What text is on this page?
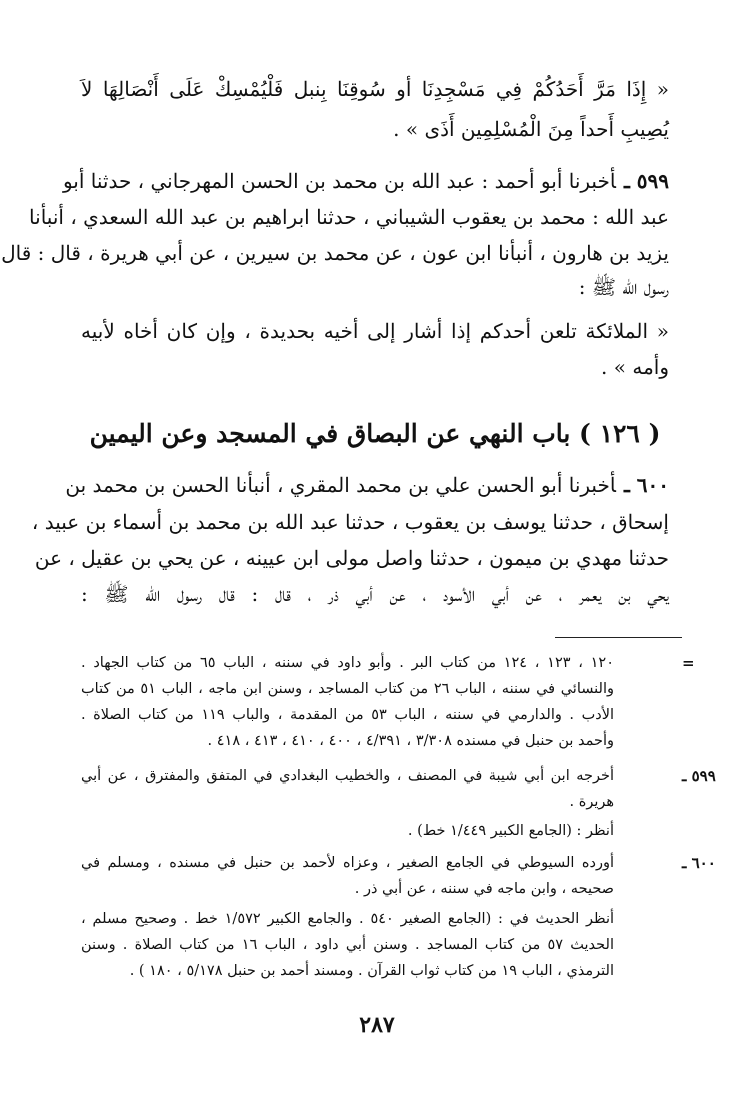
« إِذَا مَرَّ أَحَدُكُمْ فِي مَسْجِدِنَا أو سُوقِنَا بِنبل فَلْيُمْسِكْ عَلَى أَنْصَالِهَا لاَ
يُصِيبِ أَحداً مِنَ الْمُسْلِمِين أَذَى » .
٥٩٩ ـأخبرنا أبو أحمد : عبد الله بن محمد بن الحسن المهرجاني ، حدثنا أبو
عبد الله : محمد بن يعقوب الشيباني ، حدثنا ابراهيم بن عبد الله السعدي ، أنبأنا
يزيد بن هارون ، أنبأنا ابن عون ، عن محمد بن سيرين ، عن أبي هريرة ، قال : قال
رسول الله ﷺ :
« الملائكة تلعن أحدكم إذا أشار إلى أخيه بحديدة ، وإن كان أخاه لأبيه
وأمه » .
( ١٢٦ ) باب النهي عن البصاق في المسجد وعن اليمين
٦٠٠ ـأخبرنا أبو الحسن علي بن محمد المقري ، أنبأنا الحسن بن محمد بن
إسحاق ، حدثنا يوسف بن يعقوب ، حدثنا عبد الله بن محمد بن أسماء بن عبيد ،
حدثنا مهدي بن ميمون ، حدثنا واصل مولى ابن عيينه ، عن يحي بن عقيل ، عن
يحي بن يعمر ، عن أبي الأسود ، عن أبي ذر ، قال : قال رسول الله ﷺ :
=
١٢٠ ، ١٢٣ ، ١٢٤ من كتاب البر . وأبو داود في سننه ، الباب ٦٥ من كتاب الجهاد .
والنسائي في سننه ، الباب ٢٦ من كتاب المساجد ، وسنن ابن ماجه ، الباب ٥١ من كتاب
الأدب . والدارمي في سننه ، الباب ٥٣ من المقدمة ، والباب ١١٩ من كتاب الصلاة .
وأحمد بن حنبل في مسنده ٣/٣٠٨ ، ٤/٣٩١ ، ٤٠٠ ، ٤١٠ ، ٤١٣ ، ٤١٨ .
٥٩٩ ـ
أخرجه ابن أبي شيبة في المصنف ، والخطيب البغدادي في المتفق والمفترق ، عن أبي
هريرة .
أنظر : (الجامع الكبير ١/٤٤٩ خط) .
٦٠٠ ـ
أورده السيوطي في الجامع الصغير ، وعزاه لأحمد بن حنبل في مسنده ، ومسلم في
صحيحه ، وابن ماجه في سننه ، عن أبي ذر .
أنظر الحديث في : (الجامع الصغير ٥٤٠ . والجامع الكبير ١/٥٧٢ خط . وصحيح مسلم ،
الحديث ٥٧ من كتاب المساجد . وسنن أبي داود ، الباب ١٦ من كتاب الصلاة . وسنن
الترمذي ، الباب ١٩ من كتاب ثواب القرآن . ومسند أحمد بن حنبل ٥/١٧٨ ، ١٨٠ ) .
٢٨٧
